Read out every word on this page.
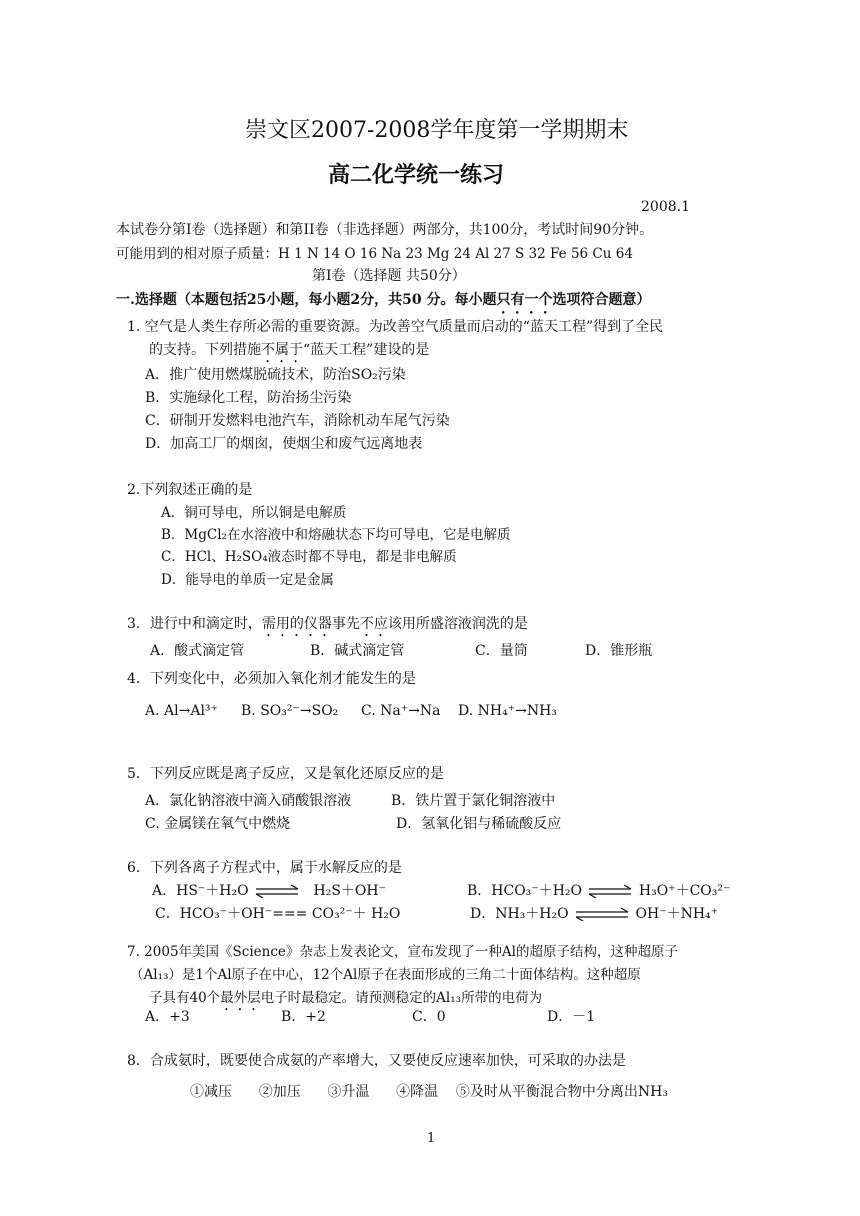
崇文区2007-2008学年度第一学期期末
高二化学统一练习
2008.1
本试卷分第Ⅰ卷（选择题）和第II卷（非选择题）两部分，共100分，考试时间90分钟。
可能用到的相对原子质量：H 1 N 14 O 16 Na 23 Mg 24 Al 27 S 32 Fe 56 Cu 64
第Ⅰ卷（选择题 共50分）
一.选择题（本题包括25小题，每小题2分，共50 分。每小题只有一个选项符合题意）
1. 空气是人类生存所必需的重要资源。为改善空气质量而启动的“蓝天工程”得到了全民
的支持。下列措施不属于“蓝天工程”建设的是
A．推广使用燃煤脱硫技术，防治SO₂污染
B．实施绿化工程，防治扬尘污染
C．研制开发燃料电池汽车，消除机动车尾气污染
D．加高工厂的烟囱，使烟尘和废气远离地表
2.下列叙述正确的是
A．铜可导电，所以铜是电解质
B．MgCl₂在水溶液中和熔融状态下均可导电，它是电解质
C．HCl、H₂SO₄液态时都不导电，都是非电解质
D．能导电的单质一定是金属
3．进行中和滴定时，需用的仪器事先不应该用所盛溶液润洗的是
A．酸式滴定管	B．碱式滴定管	C．量筒	D．锥形瓶
4．下列变化中，必须加入氧化剂才能发生的是
A. Al→Al³⁺ B. SO₃²⁻→SO₂ C. Na⁺→Na D. NH₄⁺→NH₃
5．下列反应既是离子反应，又是氧化还原反应的是
A．氯化钠溶液中滴入硝酸银溶液	B．铁片置于氯化铜溶液中
C. 金属镁在氧气中燃烧	D．氢氧化铝与稀硫酸反应
6．下列各离子方程式中，属于水解反应的是
A．HS⁻＋H₂O ⇌ H₂S＋OH⁻	B．HCO₃⁻＋H₂O ⇌ H₃O⁺＋CO₃²⁻
C．HCO₃⁻＋OH⁻=== CO₃²⁻＋ H₂O	D．NH₃＋H₂O ⇌ OH⁻＋NH₄⁺
7. 2005年美国《Science》杂志上发表论文，宣布发现了一种Al的超原子结构，这种超原子
（Al₁₃）是1个Al原子在中心，12个Al原子在表面形成的三角二十面体结构。这种超原
子具有40个最外层电子时最稳定。请预测稳定的Al₁₃所带的电荷为
A．+3	B．+2	C．0	D．－1
8．合成氨时，既要使合成氨的产率增大，又要使反应速率加快，可采取的办法是
①减压      ②加压      ③升温      ④降温    ⑤及时从平衡混合物中分离出NH₃
1
